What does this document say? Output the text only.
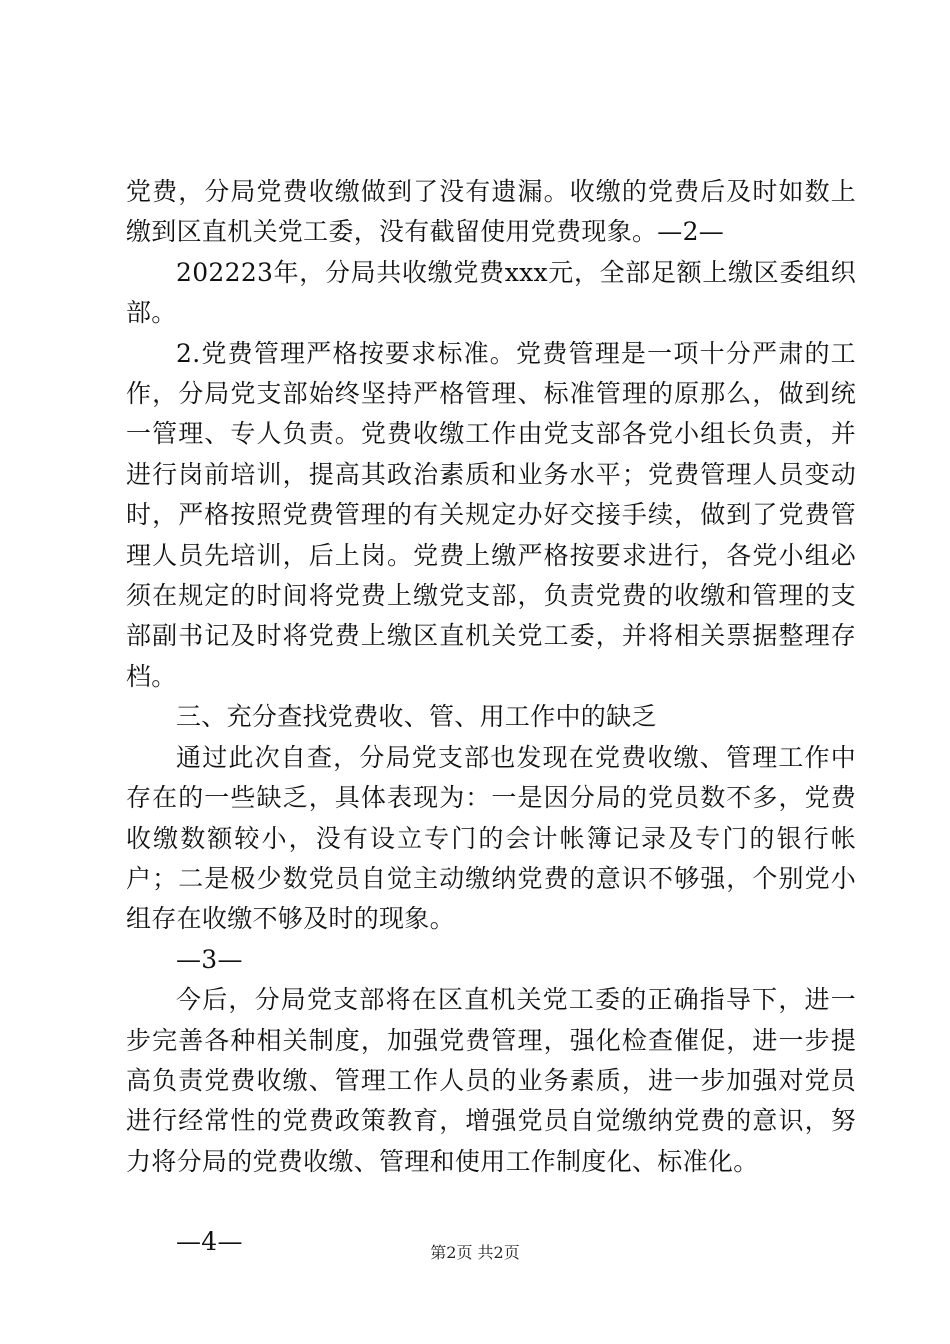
党费，分局党费收缴做到了没有遗漏。收缴的党费后及时如数上缴到区直机关党工委，没有截留使用党费现象。—2—

202223年，分局共收缴党费xxx元，全部足额上缴区委组织部。

2.党费管理严格按要求标准。党费管理是一项十分严肃的工作，分局党支部始终坚持严格管理、标准管理的原那么，做到统一管理、专人负责。党费收缴工作由党支部各党小组长负责，并进行岗前培训，提高其政治素质和业务水平；党费管理人员变动时，严格按照党费管理的有关规定办好交接手续，做到了党费管理人员先培训，后上岗。党费上缴严格按要求进行，各党小组必须在规定的时间将党费上缴党支部，负责党费的收缴和管理的支部副书记及时将党费上缴区直机关党工委，并将相关票据整理存档。

三、充分查找党费收、管、用工作中的缺乏

通过此次自查，分局党支部也发现在党费收缴、管理工作中存在的一些缺乏，具体表现为：一是因分局的党员数不多，党费收缴数额较小，没有设立专门的会计帐簿记录及专门的银行帐户；二是极少数党员自觉主动缴纳党费的意识不够强，个别党小组存在收缴不够及时的现象。

—3—

今后，分局党支部将在区直机关党工委的正确指导下，进一步完善各种相关制度，加强党费管理，强化检查催促，进一步提高负责党费收缴、管理工作人员的业务素质，进一步加强对党员进行经常性的党费政策教育，增强党员自觉缴纳党费的意识，努力将分局的党费收缴、管理和使用工作制度化、标准化。

—4—	第2页 共2页
